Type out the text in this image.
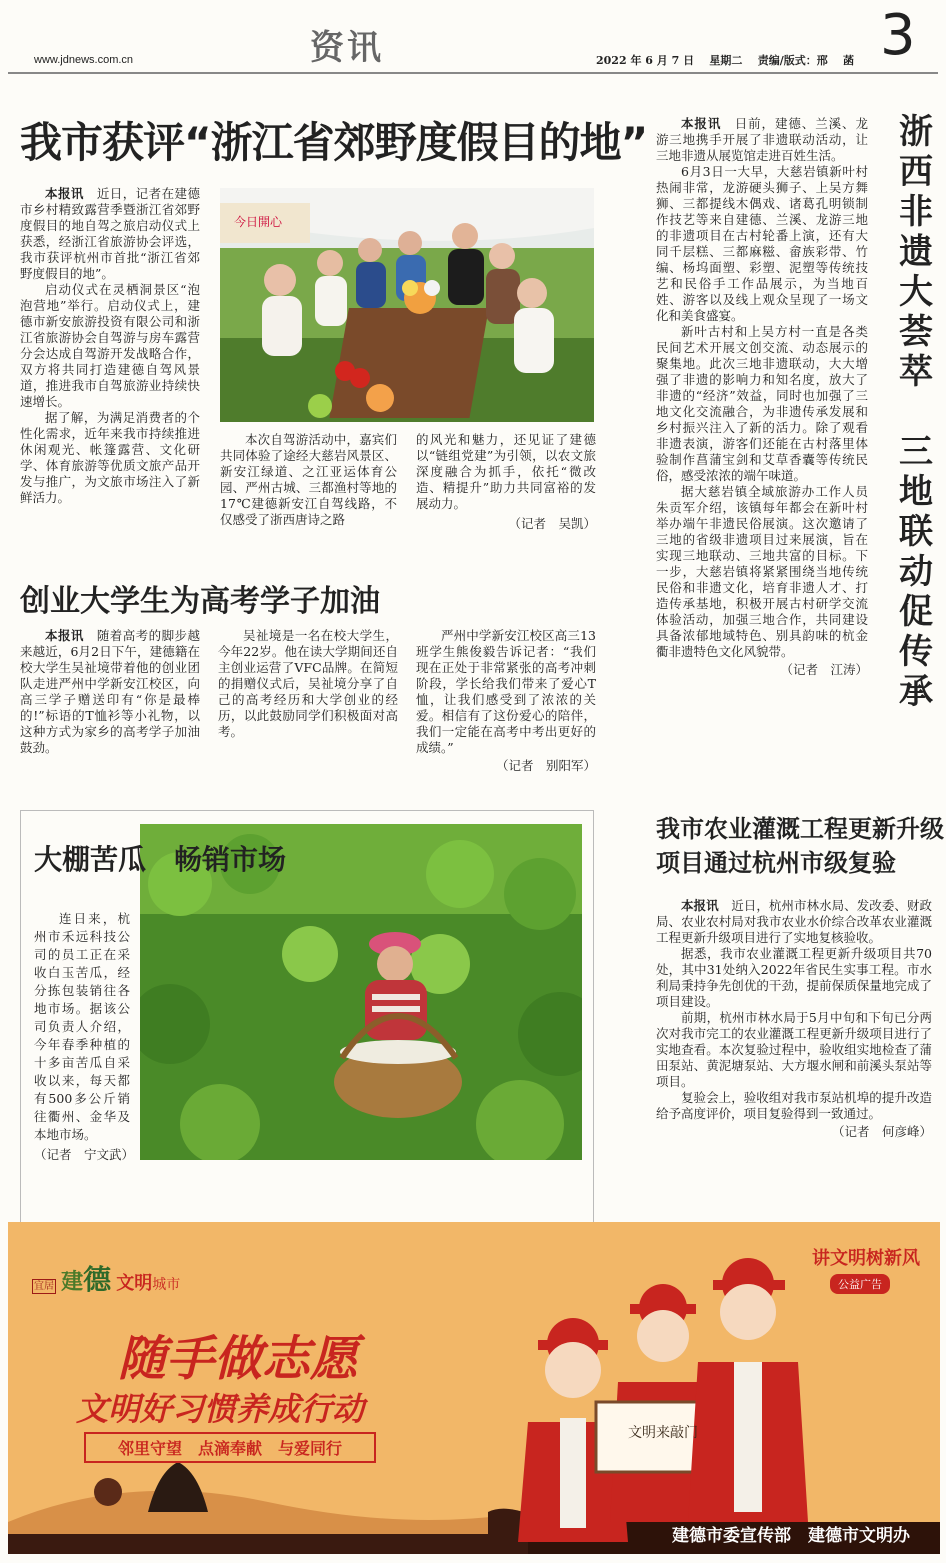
www.jdnews.com.cn	资讯	2022 年 6 月 7 日    星期二    责编/版式：邢    菡 3
我市获评“浙江省郊野度假目的地”

本报讯　 近日，记者在建德市乡村精致露营季暨浙江省郊野度假目的地自驾之旅启动仪式上获悉，经浙江省旅游协会评选，我市获评杭州市首批“浙江省郊野度假目的地”。

启动仪式在灵栖洞景区“泡泡营地”举行。启动仪式上，建德市新安旅游投资有限公司和浙江省旅游协会自驾游与房车露营分会达成自驾游开发战略合作，双方将共同打造建德自驾风景道，推进我市自驾旅游业持续快速增长。

据了解，为满足消费者的个性化需求，近年来我市持续推进休闲观光、帐篷露营、文化研学、体育旅游等优质文旅产品开发与推广，为文旅市场注入了新鲜活力。

今日開心

本次自驾游活动中，嘉宾们共同体验了途经大慈岩风景区、新安江绿道、之江亚运体育公园、严州古城、三都渔村等地的17℃建德新安江自驾线路，不仅感受了浙西唐诗之路

的风光和魅力，还见证了建德以“链组党建”为引领，以农文旅深度融合为抓手，依托“微改造、精提升”助力共同富裕的发展动力。

（记者　吴凯）
创业大学生为高考学子加油

本报讯　 随着高考的脚步越来越近，6月2日下午，建德籍在校大学生吴祉境带着他的创业团队走进严州中学新安江校区，向高三学子赠送印有“你是最棒的!”标语的T恤衫等小礼物，以这种方式为家乡的高考学子加油鼓劲。

吴祉境是一名在校大学生，今年22岁。他在读大学期间还自主创业运营了VFC品牌。在简短的捐赠仪式后，吴祉境分享了自己的高考经历和大学创业的经历，以此鼓励同学们积极面对高考。

严州中学新安江校区高三13班学生熊俊毅告诉记者：“我们现在正处于非常紧张的高考冲刺阶段，学长给我们带来了爱心T恤，让我们感受到了浓浓的关爱。相信有了这份爱心的陪伴，我们一定能在高考中考出更好的成绩。”

（记者　别阳军）
浙
西
非
遗
大
荟
萃
三
地
联
动
促
传
承

本报讯　 日前，建德、兰溪、龙游三地携手开展了非遗联动活动，让三地非遗从展览馆走进百姓生活。

6月3日一大早，大慈岩镇新叶村热闹非常，龙游硬头狮子、上吴方舞狮、三都提线木偶戏、诸葛孔明锁制作技艺等来自建德、兰溪、龙游三地的非遗项目在古村轮番上演，还有大同千层糕、三都麻糍、畲族彩带、竹编、杨坞面塑、彩塑、泥塑等传统技艺和民俗手工作品展示，为当地百姓、游客以及线上观众呈现了一场文化和美食盛宴。

新叶古村和上吴方村一直是各类民间艺术开展文创交流、动态展示的聚集地。此次三地非遗联动，大大增强了非遗的影响力和知名度，放大了非遗的“经济”效益，同时也加强了三地文化交流融合，为非遗传承发展和乡村振兴注入了新的活力。除了观看非遗表演，游客们还能在古村落里体验制作菖蒲宝剑和艾草香囊等传统民俗，感受浓浓的端午味道。

据大慈岩镇全域旅游办工作人员朱贡军介绍，该镇每年都会在新叶村举办端午非遗民俗展演。这次邀请了三地的省级非遗项目过来展演，旨在实现三地联动、三地共富的目标。下一步，大慈岩镇将紧紧围绕当地传统民俗和非遗文化，培育非遗人才、打造传承基地，积极开展古村研学交流体验活动，加强三地合作，共同建设具备浓郁地域特色、别具韵味的杭金衢非遗特色文化风貌带。

（记者　江涛）
大棚苦瓜　畅销市场

连日来，杭州市禾远科技公司的员工正在采收白玉苦瓜，经分拣包装销往各地市场。据该公司负责人介绍，今年春季种植的十多亩苦瓜自采收以来，每天都有500多公斤销往衢州、金华及本地市场。

（记者　宁文武）
我市农业灌溉工程更新升级
项目通过杭州市级复验

本报讯　 近日，杭州市林水局、发改委、财政局、农业农村局对我市农业水价综合改革农业灌溉工程更新升级项目进行了实地复核验收。

据悉，我市农业灌溉工程更新升级项目共70处，其中31处纳入2022年省民生实事工程。市水利局秉持争先创优的干劲，提前保质保量地完成了项目建设。

前期，杭州市林水局于5月中旬和下旬已分两次对我市完工的农业灌溉工程更新升级项目进行了实地查看。本次复验过程中，验收组实地检查了蒲田泵站、黄泥塘泵站、大方堰水闸和前溪头泵站等项目。

复验会上，验收组对我市泵站机埠的提升改造给予高度评价，项目复验得到一致通过。

（记者　何彦峰）
宜居 建德 文明城市
讲文明树新风
公益广告
随手做志愿
文明好习惯养成行动
邻里守望　点滴奉献　与爱同行
文明来敲门
建德市委宣传部　建德市文明办
